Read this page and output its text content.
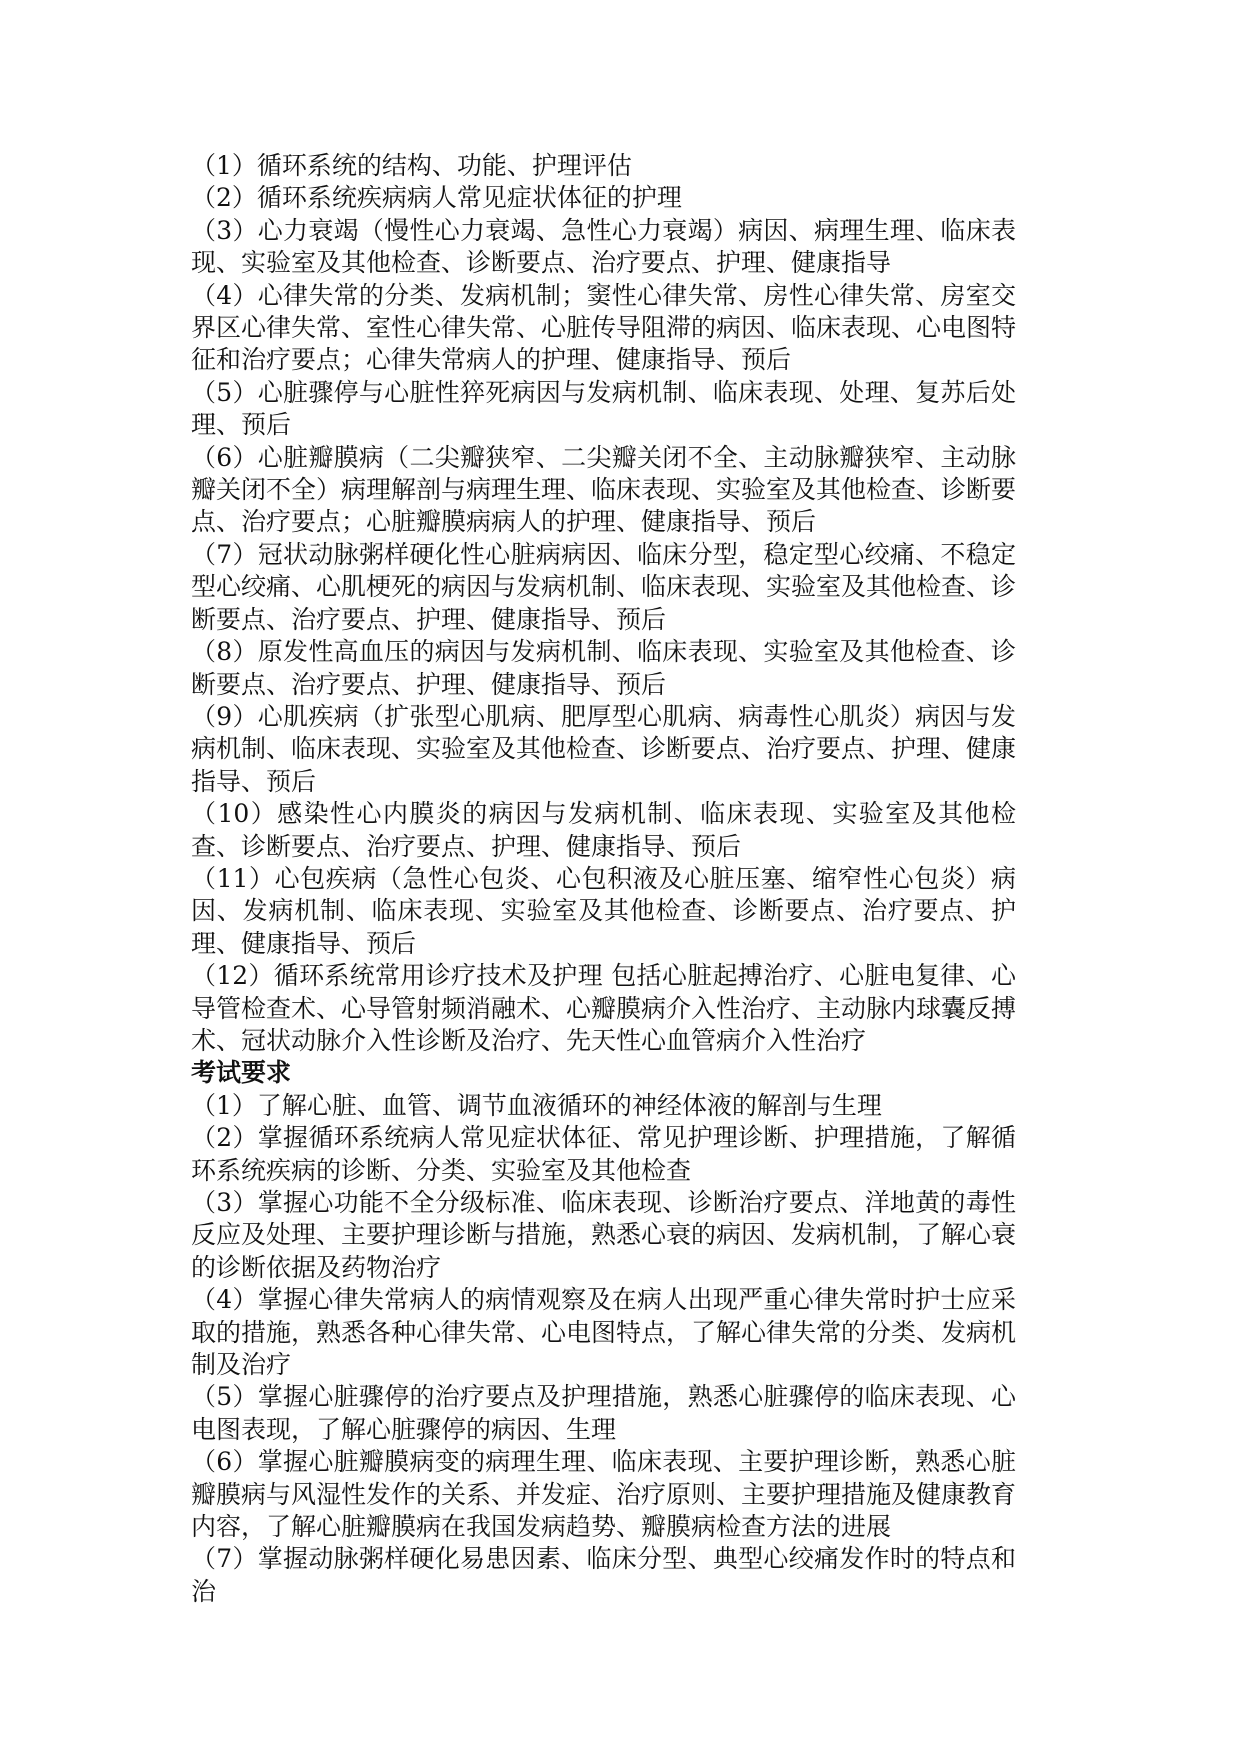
（1）循环系统的结构、功能、护理评估

（2）循环系统疾病病人常见症状体征的护理

（3）心力衰竭（慢性心力衰竭、急性心力衰竭）病因、病理生理、临床表现、实验室及其他检查、诊断要点、治疗要点、护理、健康指导

（4）心律失常的分类、发病机制；窦性心律失常、房性心律失常、房室交界区心律失常、室性心律失常、心脏传导阻滞的病因、临床表现、心电图特征和治疗要点；心律失常病人的护理、健康指导、预后

（5）心脏骤停与心脏性猝死病因与发病机制、临床表现、处理、复苏后处理、预后

（6）心脏瓣膜病（二尖瓣狭窄、二尖瓣关闭不全、主动脉瓣狭窄、主动脉瓣关闭不全）病理解剖与病理生理、临床表现、实验室及其他检查、诊断要点、治疗要点；心脏瓣膜病病人的护理、健康指导、预后

（7）冠状动脉粥样硬化性心脏病病因、临床分型，稳定型心绞痛、不稳定型心绞痛、心肌梗死的病因与发病机制、临床表现、实验室及其他检查、诊断要点、治疗要点、护理、健康指导、预后

（8）原发性高血压的病因与发病机制、临床表现、实验室及其他检查、诊断要点、治疗要点、护理、健康指导、预后

（9）心肌疾病（扩张型心肌病、肥厚型心肌病、病毒性心肌炎）病因与发病机制、临床表现、实验室及其他检查、诊断要点、治疗要点、护理、健康指导、预后

（10）感染性心内膜炎的病因与发病机制、临床表现、实验室及其他检查、诊断要点、治疗要点、护理、健康指导、预后

（11）心包疾病（急性心包炎、心包积液及心脏压塞、缩窄性心包炎）病因、发病机制、临床表现、实验室及其他检查、诊断要点、治疗要点、护理、健康指导、预后

（12）循环系统常用诊疗技术及护理 包括心脏起搏治疗、心脏电复律、心导管检查术、心导管射频消融术、心瓣膜病介入性治疗、主动脉内球囊反搏术、冠状动脉介入性诊断及治疗、先天性心血管病介入性治疗

考试要求

（1）了解心脏、血管、调节血液循环的神经体液的解剖与生理

（2）掌握循环系统病人常见症状体征、常见护理诊断、护理措施，了解循环系统疾病的诊断、分类、实验室及其他检查

（3）掌握心功能不全分级标准、临床表现、诊断治疗要点、洋地黄的毒性反应及处理、主要护理诊断与措施，熟悉心衰的病因、发病机制，了解心衰的诊断依据及药物治疗

（4）掌握心律失常病人的病情观察及在病人出现严重心律失常时护士应采取的措施，熟悉各种心律失常、心电图特点，了解心律失常的分类、发病机制及治疗

（5）掌握心脏骤停的治疗要点及护理措施，熟悉心脏骤停的临床表现、心电图表现，了解心脏骤停的病因、生理

（6）掌握心脏瓣膜病变的病理生理、临床表现、主要护理诊断，熟悉心脏瓣膜病与风湿性发作的关系、并发症、治疗原则、主要护理措施及健康教育内容，了解心脏瓣膜病在我国发病趋势、瓣膜病检查方法的进展

（7）掌握动脉粥样硬化易患因素、临床分型、典型心绞痛发作时的特点和治
